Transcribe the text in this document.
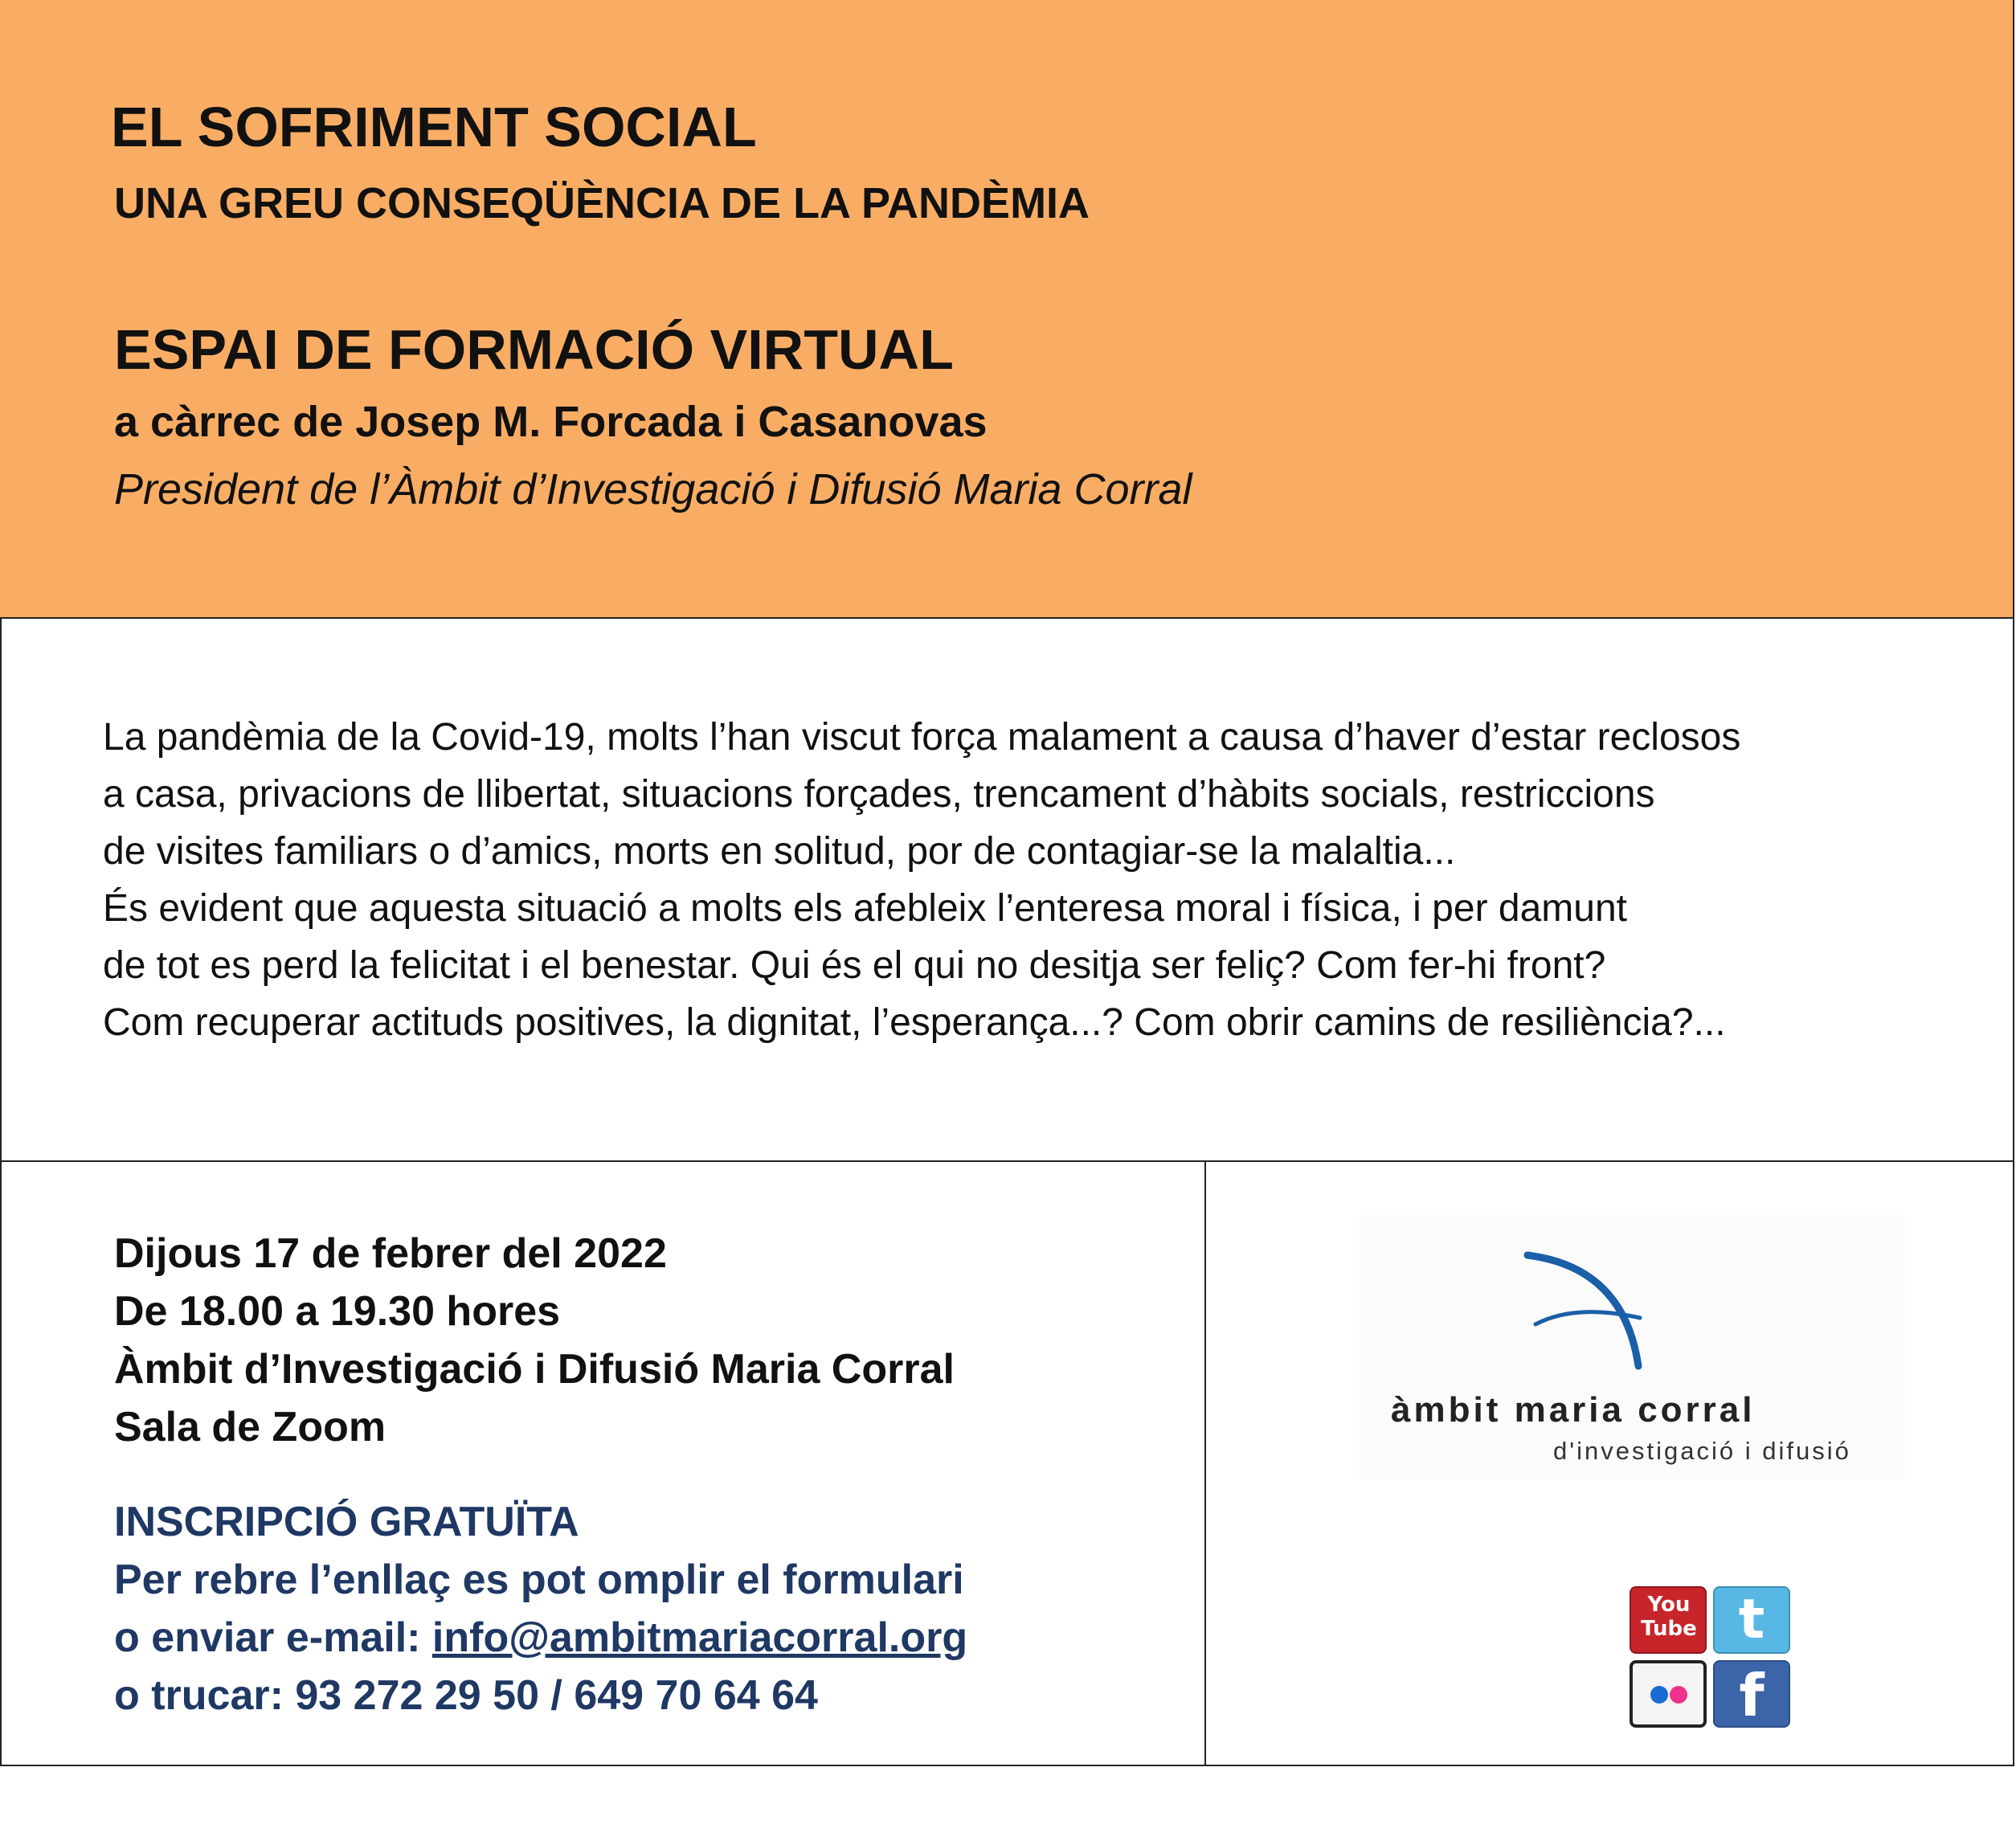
EL SOFRIMENT SOCIAL
UNA GREU CONSEQÜÈNCIA DE LA PANDÈMIA
ESPAI DE FORMACIÓ VIRTUAL
a càrrec de Josep M. Forcada i Casanovas
President de l’Àmbit d’Investigació i Difusió Maria Corral
La pandèmia de la Covid-19, molts l’han viscut força malament a causa d’haver d’estar reclosos
a casa, privacions de llibertat, situacions forçades, trencament d’hàbits socials, restriccions
de visites familiars o d’amics, morts en solitud, por de contagiar-se la malaltia...
És evident que aquesta situació a molts els afebleix l’enteresa moral i física, i per damunt
de tot es perd la felicitat i el benestar. Qui és el qui no desitja ser feliç? Com fer-hi front?
Com recuperar actituds positives, la dignitat, l’esperança...? Com obrir camins de resiliència?...
Dijous 17 de febrer del 2022
De 18.00 a 19.30 hores
Àmbit d’Investigació i Difusió Maria Corral
Sala de Zoom
INSCRIPCIÓ GRATUÏTA
Per rebre l’enllaç es pot omplir el formulari
o enviar e-mail: info@ambitmariacorral.org
o trucar: 93 272 29 50 / 649 70 64 64
àmbit maria corral
d'investigació i difusió
You Tube t
f
